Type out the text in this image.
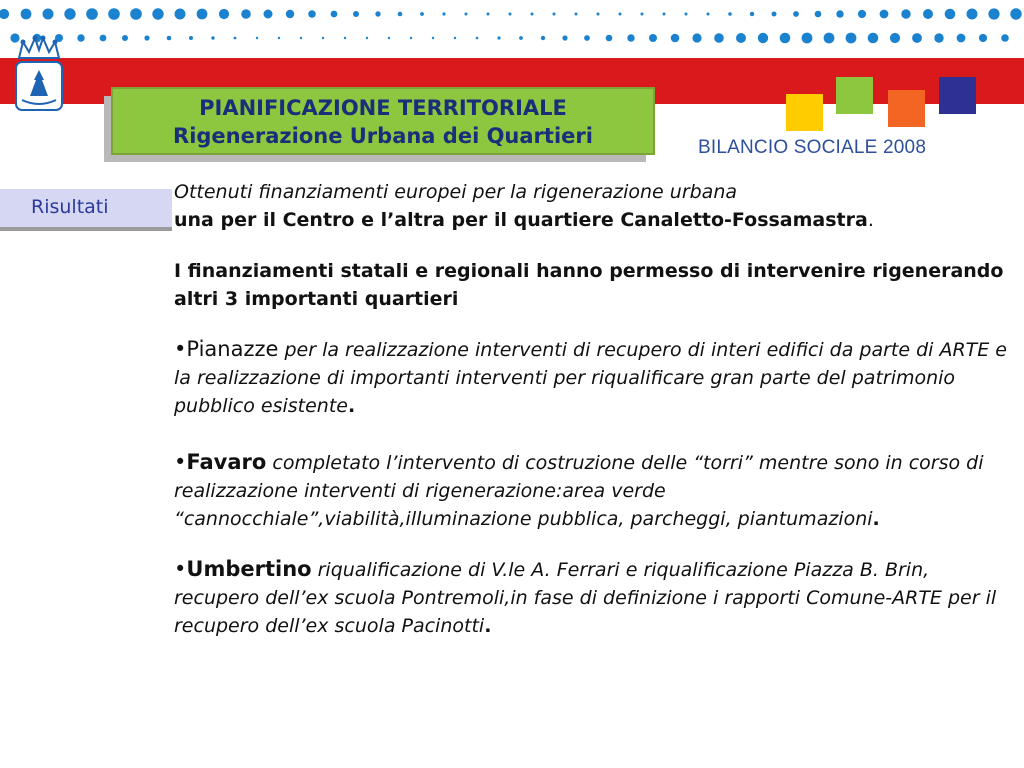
BILANCIO SOCIALE 2008
PIANIFICAZIONE TERRITORIALE
Rigenerazione Urbana dei Quartieri
Risultati

Ottenuti finanziamenti europei per la rigenerazione urbana
una per il Centro e l’altra per il quartiere Canaletto-Fossamastra.

I finanziamenti statali e regionali hanno permesso di intervenire rigenerando altri 3 importanti quartieri

•Pianazze per la realizzazione interventi di recupero di interi edifici da parte di ARTE e la realizzazione di importanti interventi per riqualificare gran parte del patrimonio pubblico esistente.

•Favaro completato l’intervento di costruzione delle “torri” mentre sono in corso di realizzazione interventi di rigenerazione:area verde “cannocchiale”,viabilità,illuminazione pubblica, parcheggi, piantumazioni.

•Umbertino riqualificazione di V.le A. Ferrari e riqualificazione Piazza B. Brin, recupero dell’ex scuola Pontremoli,in fase di definizione i rapporti Comune-ARTE per il recupero dell’ex scuola Pacinotti.
